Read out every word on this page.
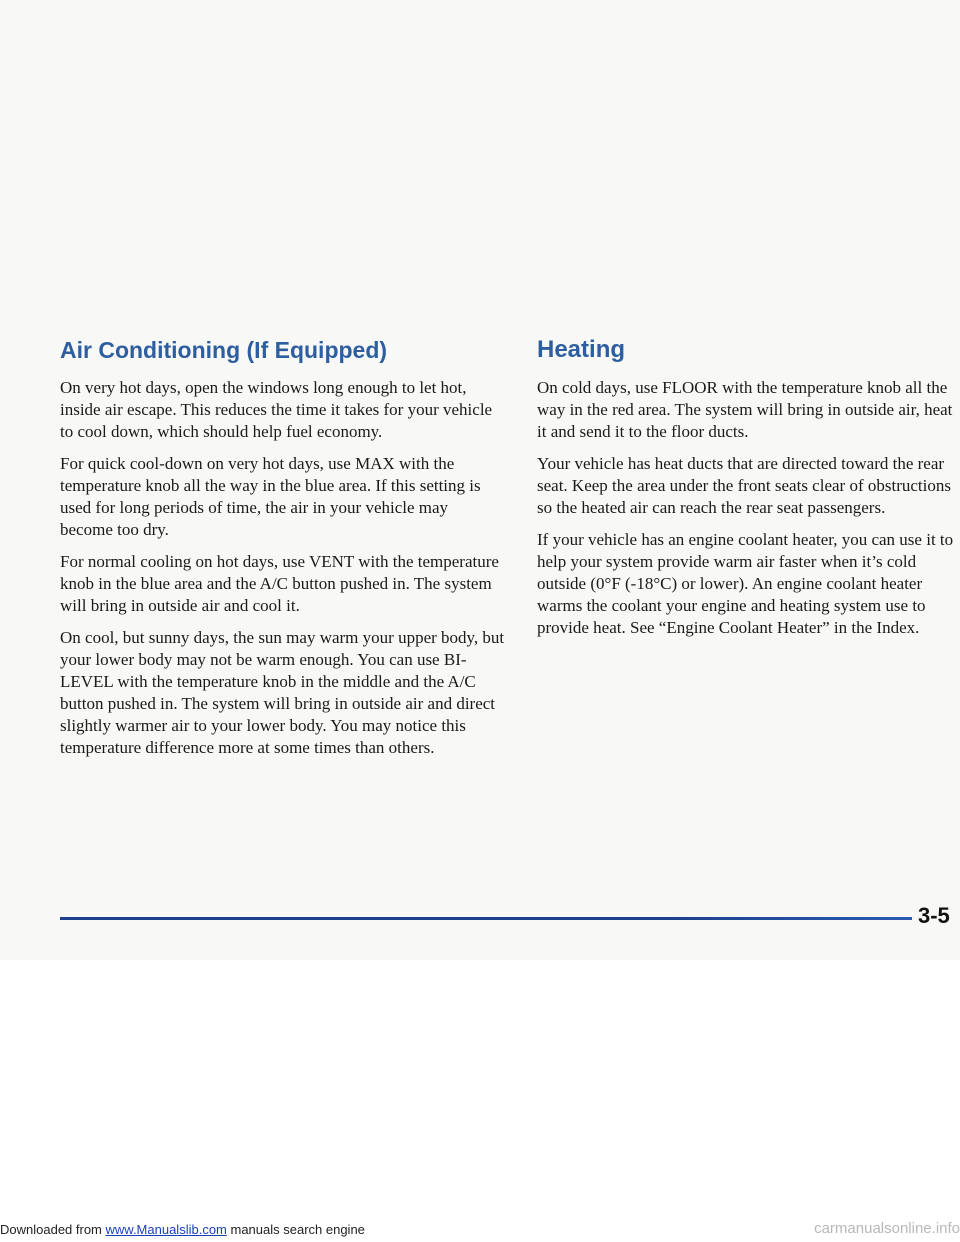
Air Conditioning (If Equipped)

On very hot days, open the windows long enough to let hot, inside air escape. This reduces the time it takes for your vehicle to cool down, which should help fuel economy.

For quick cool-down on very hot days, use MAX with the temperature knob all the way in the blue area. If this setting is used for long periods of time, the air in your vehicle may become too dry.

For normal cooling on hot days, use VENT with the temperature knob in the blue area and the A/C button pushed in. The system will bring in outside air and cool it.

On cool, but sunny days, the sun may warm your upper body, but your lower body may not be warm enough. You can use BI-LEVEL with the temperature knob in the middle and the A/C button pushed in. The system will bring in outside air and direct slightly warmer air to your lower body. You may notice this temperature difference more at some times than others.

Heating

On cold days, use FLOOR with the temperature knob all the way in the red area. The system will bring in outside air, heat it and send it to the floor ducts.

Your vehicle has heat ducts that are directed toward the rear seat. Keep the area under the front seats clear of obstructions so the heated air can reach the rear seat passengers.

If your vehicle has an engine coolant heater, you can use it to help your system provide warm air faster when it’s cold outside (0°F (-18°C) or lower). An engine coolant heater warms the coolant your engine and heating system use to provide heat. See “Engine Coolant Heater” in the Index.

3-5
Downloaded from www.Manualslib.com manuals search engine	carmanualsonline.info
